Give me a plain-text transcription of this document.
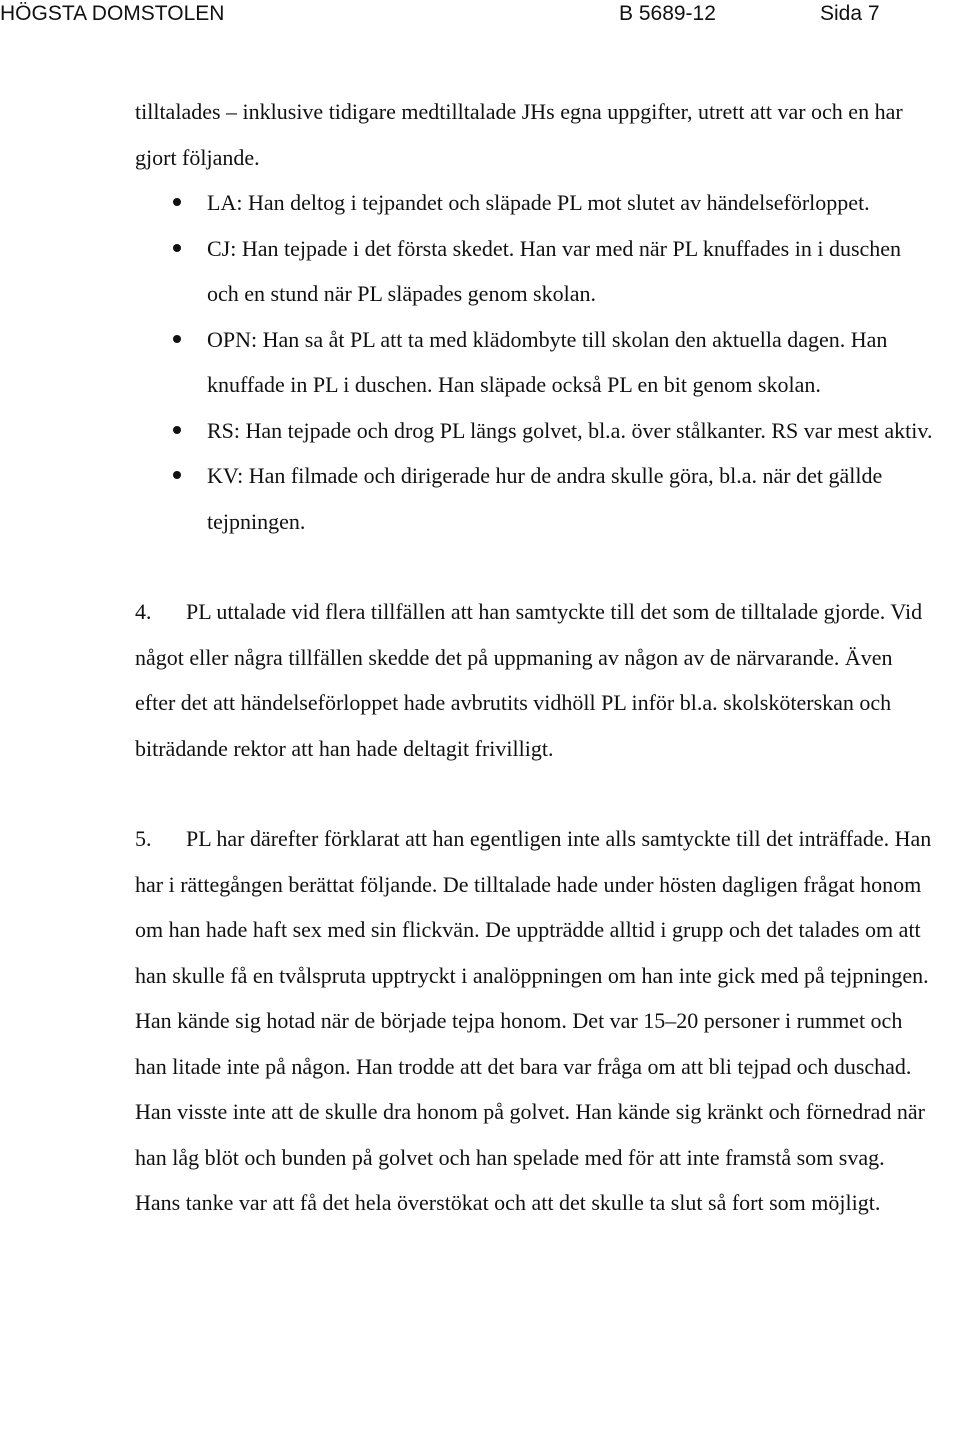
HÖGSTA DOMSTOLEN	B 5689-12	Sida 7

tilltalades – inklusive tidigare medtilltalade JHs egna uppgifter, utrett att var och en har gjort följande.

LA: Han deltog i tejpandet och släpade PL mot slutet av händelseförloppet.
CJ: Han tejpade i det första skedet. Han var med när PL knuffades in i duschen och en stund när PL släpades genom skolan.
OPN: Han sa åt PL att ta med klädombyte till skolan den aktuella dagen. Han knuffade in PL i duschen. Han släpade också PL en bit genom skolan.
RS: Han tejpade och drog PL längs golvet, bl.a. över stålkanter. RS var mest aktiv.
KV: Han filmade och dirigerade hur de andra skulle göra, bl.a. när det gällde tejpningen.

4. PL uttalade vid flera tillfällen att han samtyckte till det som de tilltalade gjorde. Vid något eller några tillfällen skedde det på uppmaning av någon av de närvarande. Även efter det att händelseförloppet hade avbrutits vidhöll PL inför bl.a. skolsköterskan och biträdande rektor att han hade deltagit frivilligt.

5. PL har därefter förklarat att han egentligen inte alls samtyckte till det inträffade. Han har i rättegången berättat följande. De tilltalade hade under hösten dagligen frågat honom om han hade haft sex med sin flickvän. De uppträdde alltid i grupp och det talades om att han skulle få en tvålspruta upptryckt i analöppningen om han inte gick med på tejpningen. Han kände sig hotad när de började tejpa honom. Det var 15–20 personer i rummet och han litade inte på någon. Han trodde att det bara var fråga om att bli tejpad och duschad. Han visste inte att de skulle dra honom på golvet. Han kände sig kränkt och förnedrad när han låg blöt och bunden på golvet och han spelade med för att inte framstå som svag. Hans tanke var att få det hela överstökat och att det skulle ta slut så fort som möjligt.
